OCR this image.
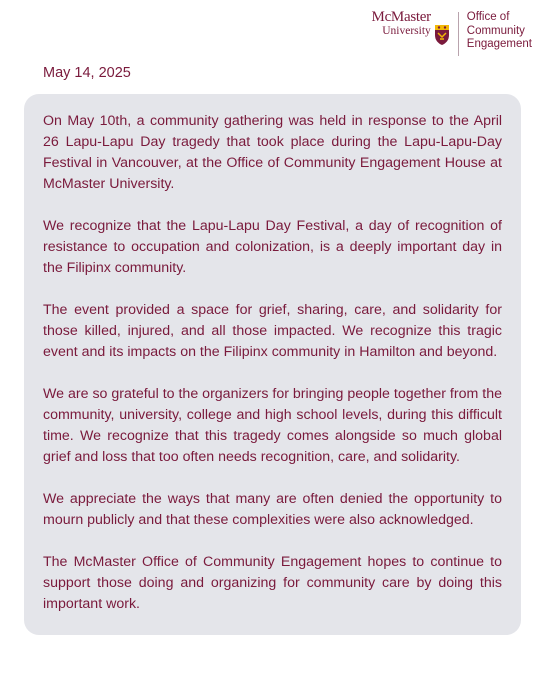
McMaster
University
Office of
Community
Engagement
May 14, 2025

On May 10th, a community gathering was held in response to the April 26 Lapu-Lapu Day tragedy that took place during the Lapu-Lapu-Day Festival in Vancouver, at the Office of Community Engagement House at McMaster University.

We recognize that the Lapu-Lapu Day Festival, a day of recognition of resistance to occupation and colonization, is a deeply important day in the Filipinx community.

The event provided a space for grief, sharing, care, and solidarity for those killed, injured, and all those impacted. We recognize this tragic event and its impacts on the Filipinx community in Hamilton and beyond.

We are so grateful to the organizers for bringing people together from the community, university, college and high school levels, during this difficult time. We recognize that this tragedy comes alongside so much global grief and loss that too often needs recognition, care, and solidarity.

We appreciate the ways that many are often denied the opportunity to mourn publicly and that these complexities were also acknowledged.

The McMaster Office of Community Engagement hopes to continue to support those doing and organizing for community care by doing this important work.
